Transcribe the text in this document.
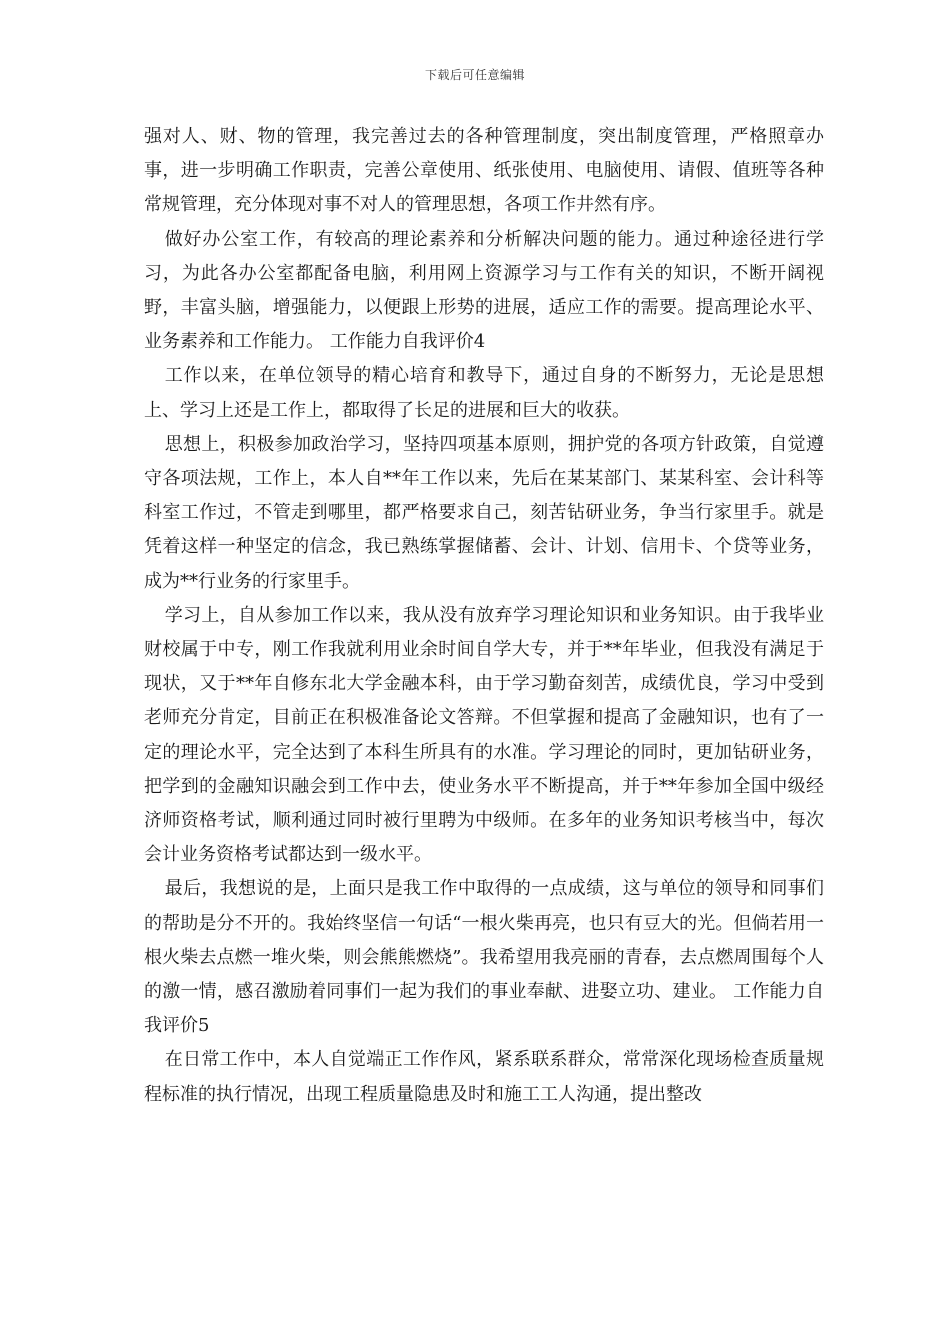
下载后可任意编辑

强对人、财、物的管理，我完善过去的各种管理制度，突出制度管理，严格照章办事，进一步明确工作职责，完善公章使用、纸张使用、电脑使用、请假、值班等各种常规管理，充分体现对事不对人的管理思想，各项工作井然有序。

做好办公室工作，有较高的理论素养和分析解决问题的能力。通过种途径进行学习，为此各办公室都配备电脑，利用网上资源学习与工作有关的知识，不断开阔视野，丰富头脑，增强能力，以便跟上形势的进展，适应工作的需要。提高理论水平、业务素养和工作能力。 工作能力自我评价4

工作以来，在单位领导的精心培育和教导下，通过自身的不断努力，无论是思想上、学习上还是工作上，都取得了长足的进展和巨大的收获。

思想上，积极参加政治学习，坚持四项基本原则，拥护党的各项方针政策，自觉遵守各项法规，工作上，本人自**年工作以来，先后在某某部门、某某科室、会计科等科室工作过，不管走到哪里，都严格要求自己，刻苦钻研业务，争当行家里手。就是凭着这样一种坚定的信念，我已熟练掌握储蓄、会计、计划、信用卡、个贷等业务，成为**行业务的行家里手。

学习上，自从参加工作以来，我从没有放弃学习理论知识和业务知识。由于我毕业财校属于中专，刚工作我就利用业余时间自学大专，并于**年毕业，但我没有满足于现状，又于**年自修东北大学金融本科，由于学习勤奋刻苦，成绩优良，学习中受到老师充分肯定，目前正在积极准备论文答辩。不但掌握和提高了金融知识，也有了一定的理论水平，完全达到了本科生所具有的水准。学习理论的同时，更加钻研业务，把学到的金融知识融会到工作中去，使业务水平不断提高，并于**年参加全国中级经济师资格考试，顺利通过同时被行里聘为中级师。在多年的业务知识考核当中，每次会计业务资格考试都达到一级水平。

最后，我想说的是，上面只是我工作中取得的一点成绩，这与单位的领导和同事们的帮助是分不开的。我始终坚信一句话“一根火柴再亮，也只有豆大的光。但倘若用一根火柴去点燃一堆火柴，则会熊熊燃烧”。我希望用我亮丽的青春，去点燃周围每个人的激一情，感召激励着同事们一起为我们的事业奉献、进娶立功、建业。 工作能力自我评价5

在日常工作中，本人自觉端正工作作风，紧系联系群众，常常深化现场检查质量规程标准的执行情况，出现工程质量隐患及时和施工工人沟通，提出整改
